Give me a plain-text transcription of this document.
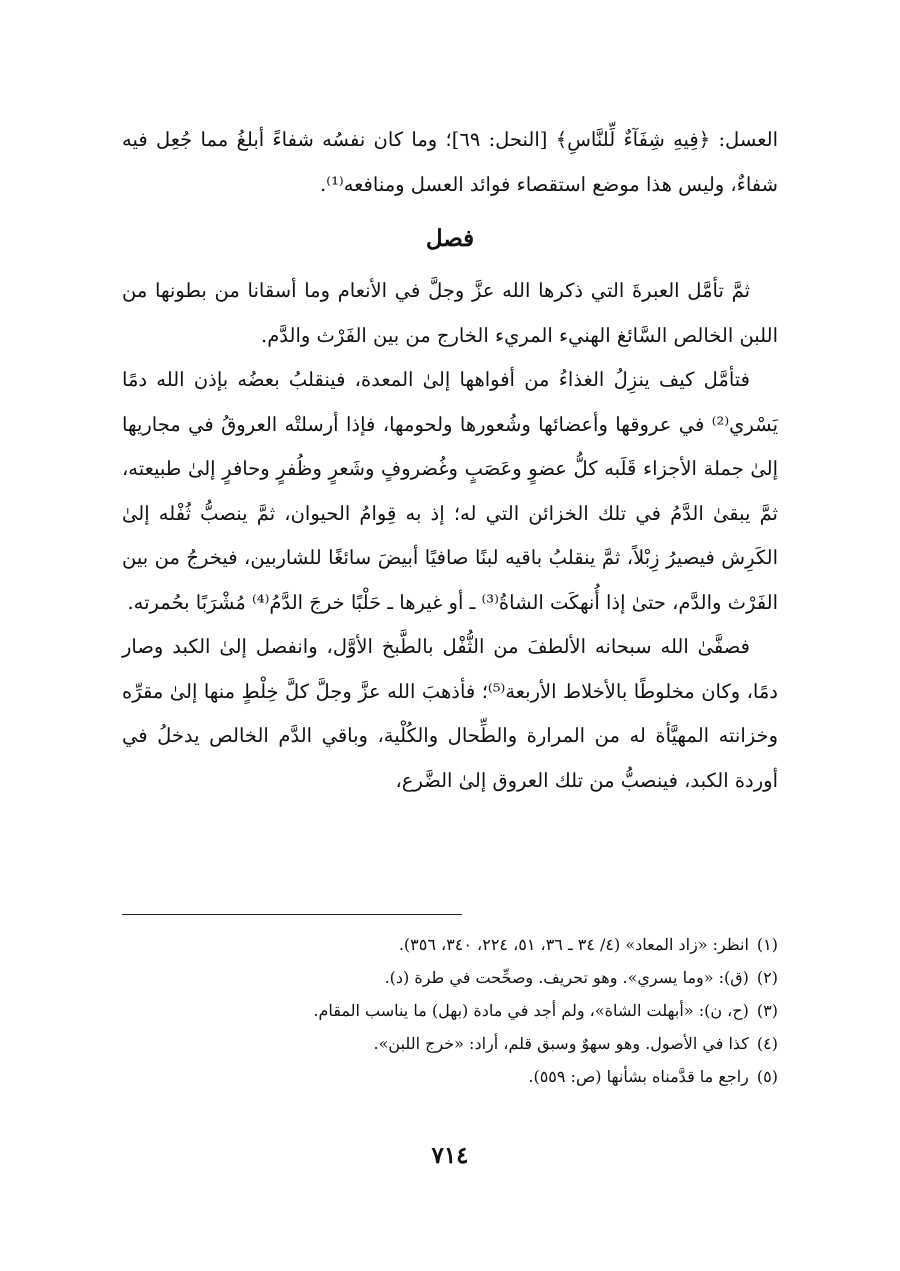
العسل: ﴿فِيهِ شِفَآءٌ لِّلنَّاسِ﴾ [النحل: ٦٩]؛ وما كان نفسُه شفاءً أبلغُ مما جُعِل فيه شفاءٌ، وليس هذا موضع استقصاء فوائد العسل ومنافعه⁽¹⁾.

فصل

ثمَّ تأمَّل العبرةَ التي ذكرها الله عزَّ وجلَّ في الأنعام وما أسقانا من بطونها من اللبن الخالص السَّائغ الهنيء المريء الخارج من بين الفَرْث والدَّم.

فتأمَّل كيف ينزِلُ الغذاءُ من أفواهها إلىٰ المعدة، فينقلبُ بعضُه بإذن الله دمًا يَسْري⁽²⁾ في عروقها وأعضائها وشُعورها ولحومها، فإذا أرسلتْه العروقُ في مجاريها إلىٰ جملة الأجزاء قَلَبه كلُّ عضوٍ وعَصَبٍ وغُضروفٍ وشَعرٍ وظُفرٍ وحافرٍ إلىٰ طبيعته، ثمَّ يبقىٰ الدَّمُ في تلك الخزائن التي له؛ إذ به قِوامُ الحيوان، ثمَّ ينصبُّ ثُفْله إلىٰ الكَرِش فيصيرُ زِبْلاً، ثمَّ ينقلبُ باقيه لبنًا صافيًا أبيضَ سائغًا للشاربين، فيخرجُ من بين الفَرْث والدَّم، حتىٰ إذا أُنهكَت الشاةُ⁽³⁾ ـ أو غيرها ـ حَلْبًا خرجَ الدَّمُ⁽⁴⁾ مُشْرَبًا بحُمرته.

فصفَّىٰ الله سبحانه الألطفَ من الثُّفْل بالطَّبخ الأوَّل، وانفصل إلىٰ الكبد وصار دمًا، وكان مخلوطًا بالأخلاط الأربعة⁽⁵⁾؛ فأذهبَ الله عزَّ وجلَّ كلَّ خِلْطٍ منها إلىٰ مقرِّه وخزانته المهيَّأة له من المرارة والطِّحال والكُلْية، وباقي الدَّم الخالص يدخلُ في أوردة الكبد، فينصبُّ من تلك العروق إلىٰ الضَّرع،

(١)انظر: «زاد المعاد» (٤/ ٣٤ ـ ٣٦، ٥١، ٢٢٤، ٣٤٠، ٣٥٦).

(٢)(ق): «وما يسري». وهو تحريف. وصحِّحت في طرة (د).

(٣)(ح، ن): «أبهلت الشاة»، ولم أجد في مادة (بهل) ما يناسب المقام.

(٤)كذا في الأصول. وهو سهوٌ وسبق قلم، أراد: «خرج اللبن».

(٥)راجع ما قدَّمناه بشأنها (ص: ٥٥٩).

٧١٤
